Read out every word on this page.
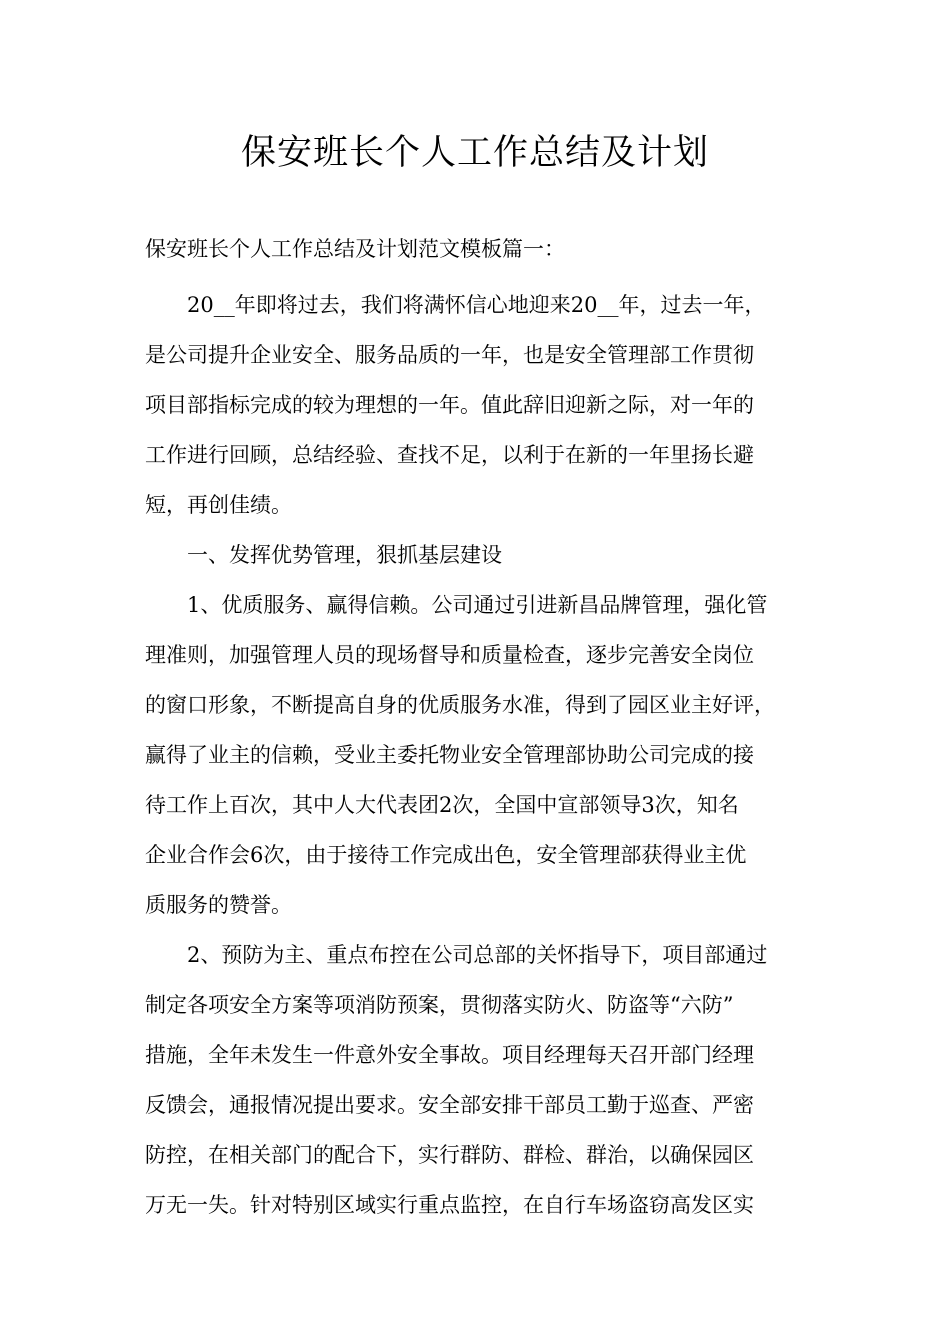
保安班长个人工作总结及计划
保安班长个人工作总结及计划范文模板篇一：
20__年即将过去，我们将满怀信心地迎来20__年，过去一年，
是公司提升企业安全、服务品质的一年，也是安全管理部工作贯彻
项目部指标完成的较为理想的一年。值此辞旧迎新之际，对一年的
工作进行回顾，总结经验、查找不足，以利于在新的一年里扬长避
短，再创佳绩。
一、发挥优势管理，狠抓基层建设
1、优质服务、赢得信赖。公司通过引进新昌品牌管理，强化管
理准则，加强管理人员的现场督导和质量检查，逐步完善安全岗位
的窗口形象，不断提高自身的优质服务水准，得到了园区业主好评，
赢得了业主的信赖，受业主委托物业安全管理部协助公司完成的接
待工作上百次，其中人大代表团2次，全国中宣部领导3次，知名
企业合作会6次，由于接待工作完成出色，安全管理部获得业主优
质服务的赞誉。
2、预防为主、重点布控在公司总部的关怀指导下，项目部通过
制定各项安全方案等项消防预案，贯彻落实防火、防盗等“六防”
措施，全年未发生一件意外安全事故。项目经理每天召开部门经理
反馈会，通报情况提出要求。安全部安排干部员工勤于巡查、严密
防控，在相关部门的配合下，实行群防、群检、群治，以确保园区
万无一失。针对特别区域实行重点监控，在自行车场盗窃高发区实
